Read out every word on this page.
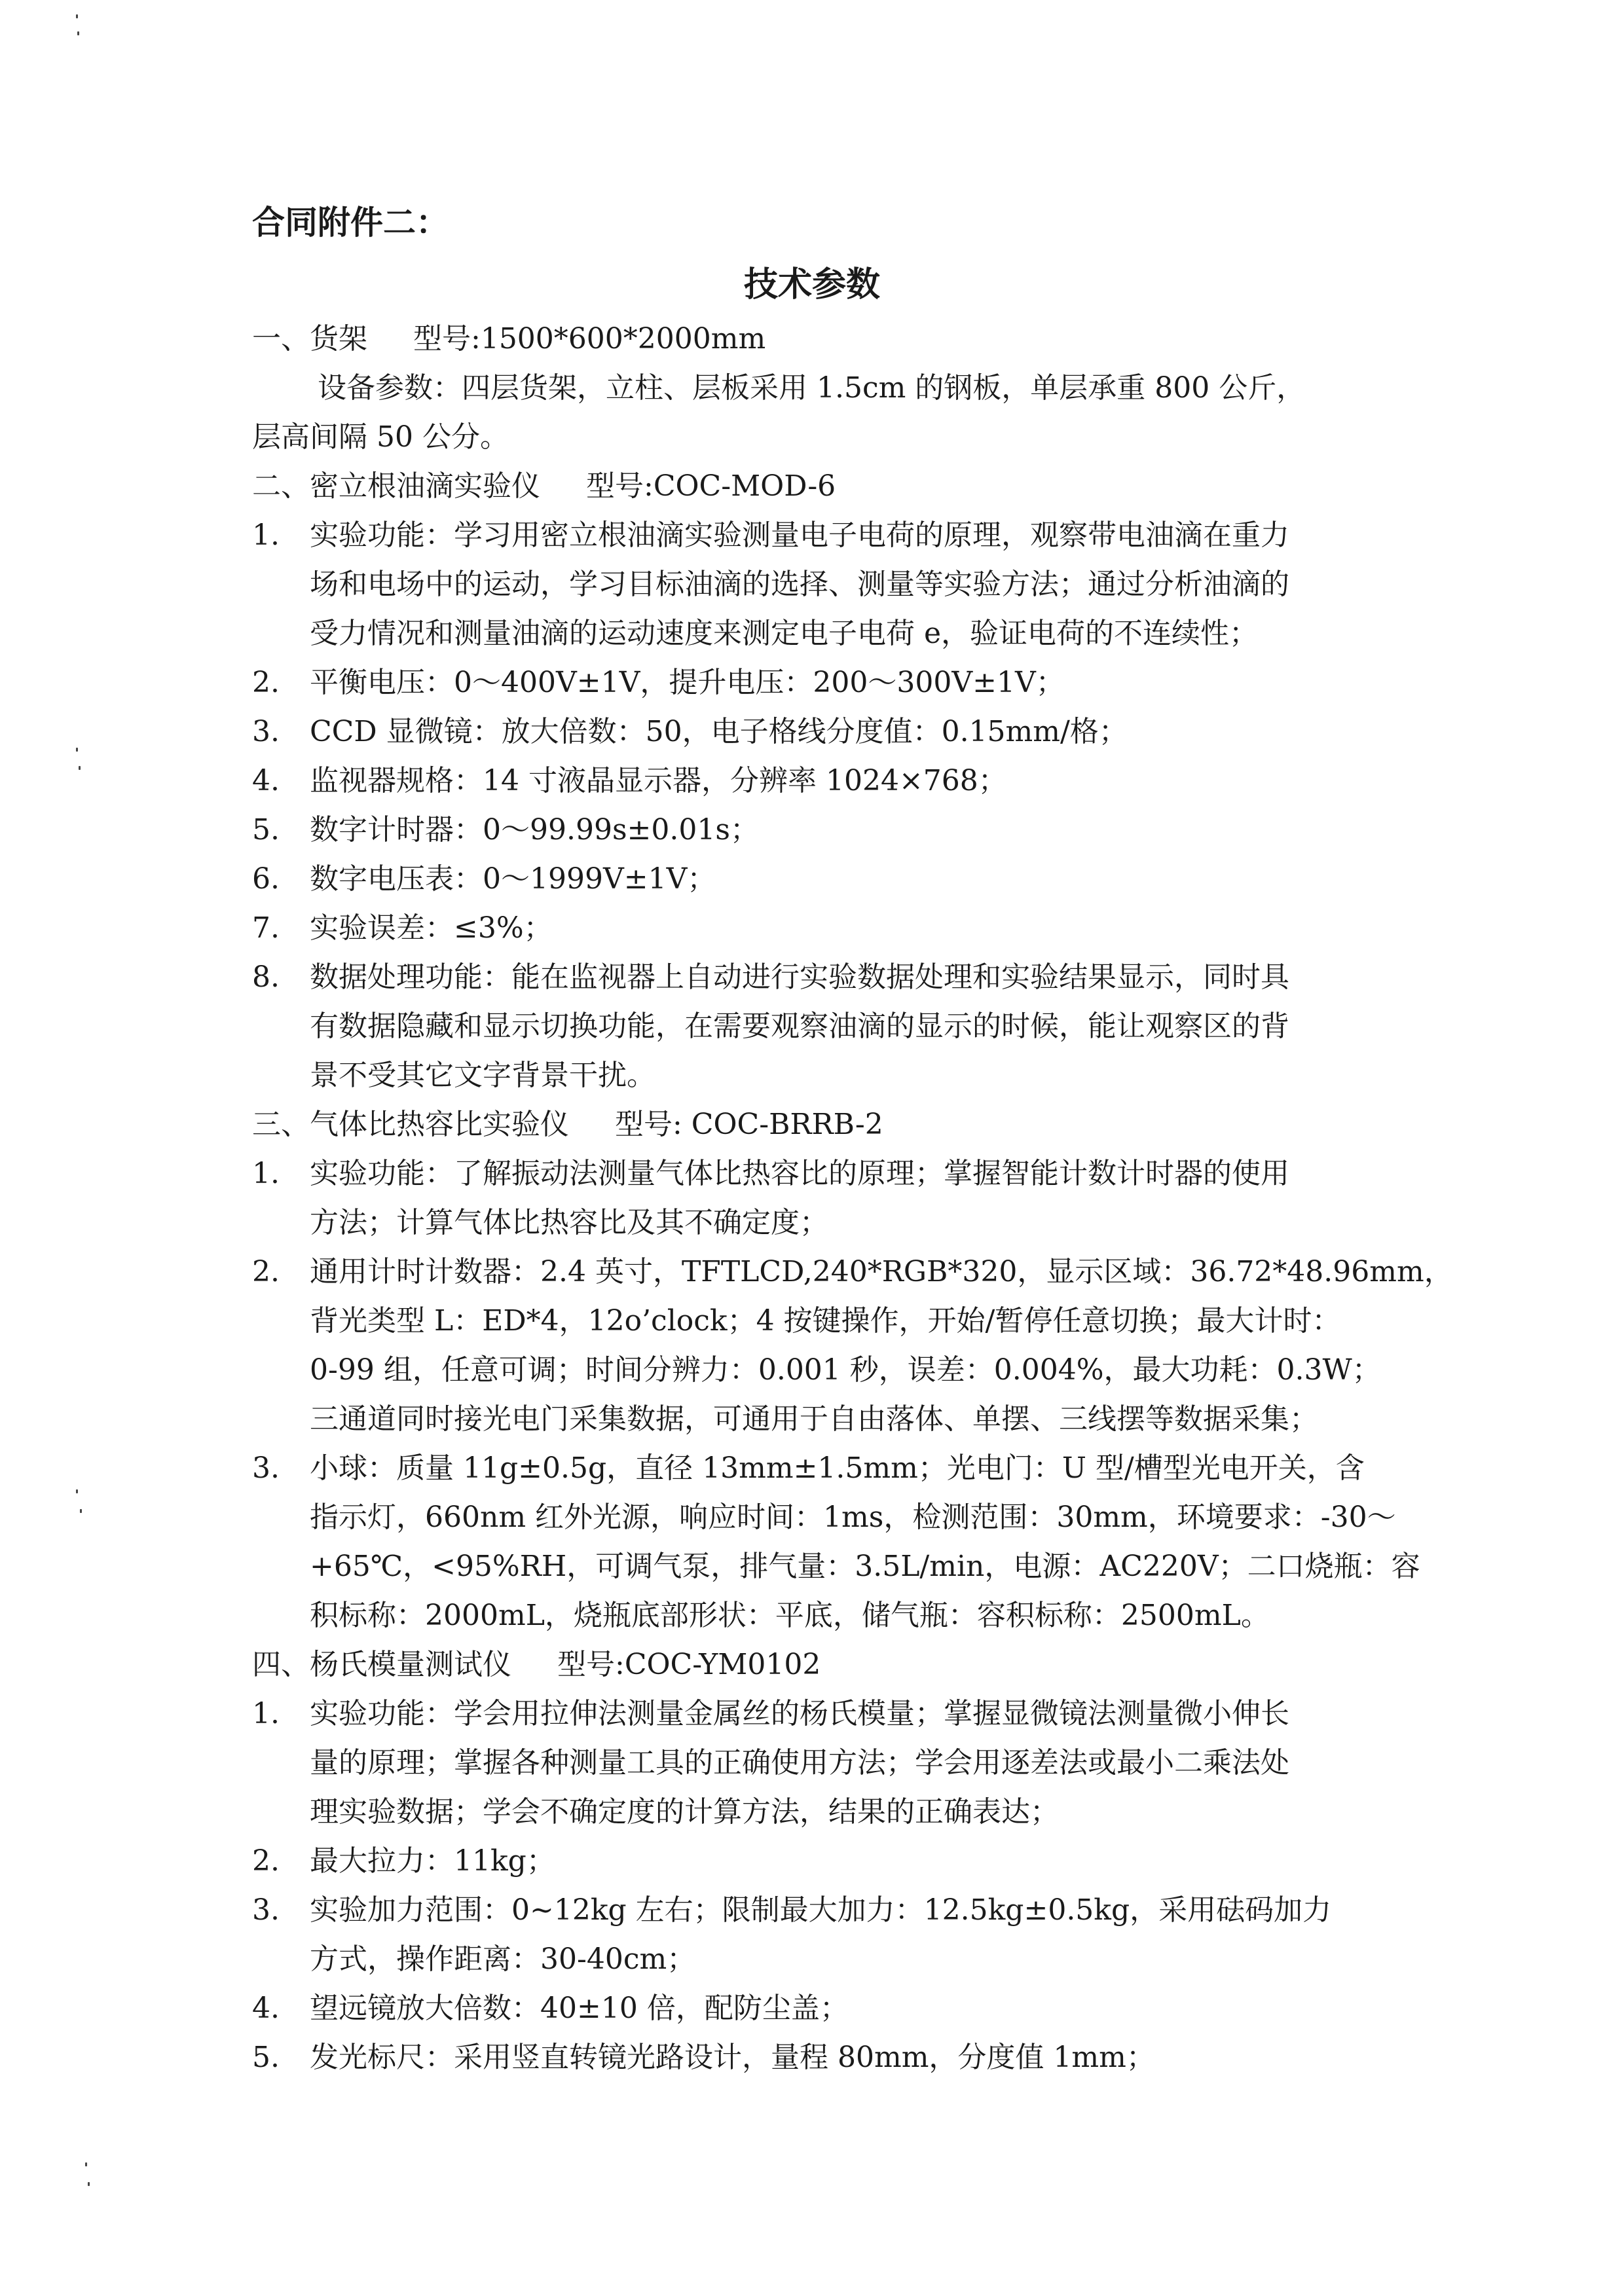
合同附件二：
技术参数
一、货架 型号:1500*600*2000mm
设备参数：四层货架，立柱、层板采用 1.5cm 的钢板，单层承重 800 公斤，
层高间隔 50 公分。
二、密立根油滴实验仪 型号:COC-MOD-6
1.	实验功能：学习用密立根油滴实验测量电子电荷的原理，观察带电油滴在重力
场和电场中的运动，学习目标油滴的选择、测量等实验方法；通过分析油滴的
受力情况和测量油滴的运动速度来测定电子电荷 e，验证电荷的不连续性；
2.	平衡电压：0～400V±1V，提升电压：200～300V±1V；
3.	CCD 显微镜：放大倍数：50，电子格线分度值：0.15mm/格；
4.	监视器规格：14 寸液晶显示器，分辨率 1024×768；
5.	数字计时器：0～99.99s±0.01s；
6.	数字电压表：0～1999V±1V；
7.	实验误差：≤3%；
8.	数据处理功能：能在监视器上自动进行实验数据处理和实验结果显示，同时具
有数据隐藏和显示切换功能，在需要观察油滴的显示的时候，能让观察区的背
景不受其它文字背景干扰。
三、气体比热容比实验仪 型号: COC-BRRB-2
1.	实验功能：了解振动法测量气体比热容比的原理；掌握智能计数计时器的使用
方法；计算气体比热容比及其不确定度；
2.	通用计时计数器：2.4 英寸，TFTLCD,240*RGB*320，显示区域：36.72*48.96mm，
背光类型 L：ED*4，12o’clock；4 按键操作，开始/暂停任意切换；最大计时：
0-99 组，任意可调；时间分辨力：0.001 秒，误差：0.004%，最大功耗：0.3W；
三通道同时接光电门采集数据，可通用于自由落体、单摆、三线摆等数据采集；
3.	小球：质量 11g±0.5g，直径 13mm±1.5mm；光电门：U 型/槽型光电开关，含
指示灯，660nm 红外光源，响应时间：1ms，检测范围：30mm，环境要求：-30～
+65℃，<95%RH，可调气泵，排气量：3.5L/min，电源：AC220V；二口烧瓶：容
积标称：2000mL，烧瓶底部形状：平底，储气瓶：容积标称：2500mL。
四、杨氏模量测试仪 型号:COC-YM0102
1.	实验功能：学会用拉伸法测量金属丝的杨氏模量；掌握显微镜法测量微小伸长
量的原理；掌握各种测量工具的正确使用方法；学会用逐差法或最小二乘法处
理实验数据；学会不确定度的计算方法，结果的正确表达；
2.	最大拉力：11kg；
3.	实验加力范围：0~12kg 左右；限制最大加力：12.5kg±0.5kg，采用砝码加力
方式，操作距离：30-40cm；
4.	望远镜放大倍数：40±10 倍，配防尘盖；
5.	发光标尺：采用竖直转镜光路设计，量程 80mm，分度值 1mm；
